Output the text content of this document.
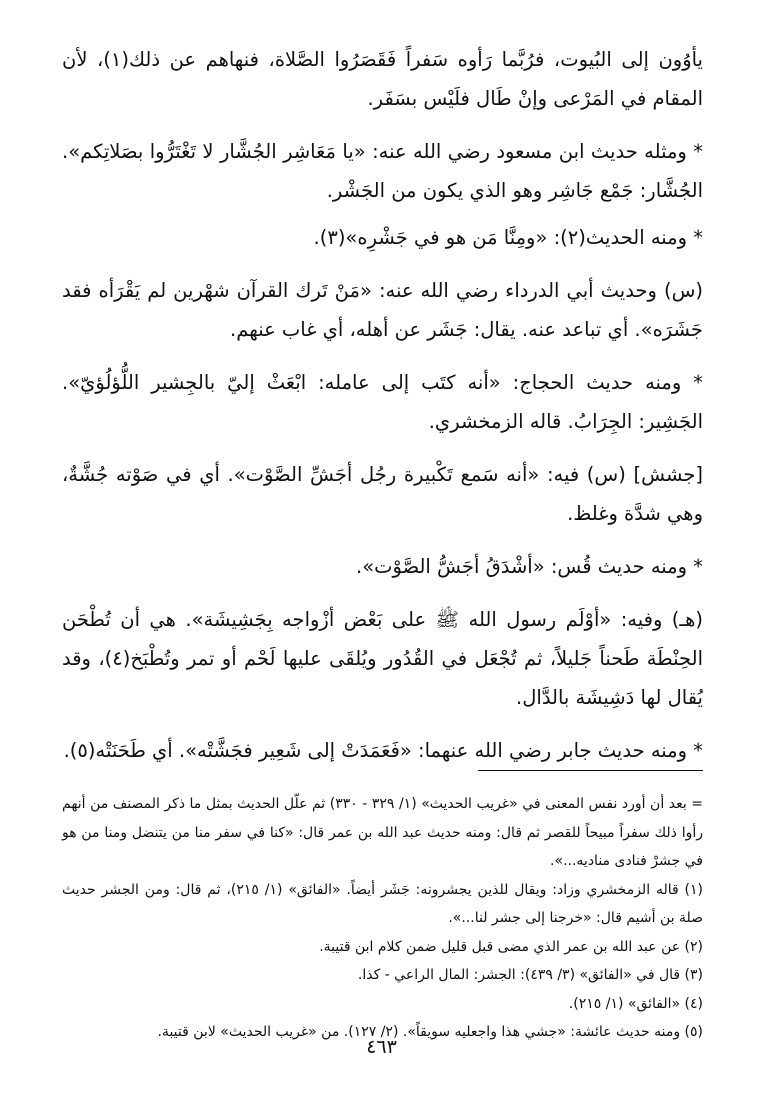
يأوُون إلى البُيوت، فرُبَّما رَأوه سَفراً فَقَصَرُوا الصَّلاة، فنهاهم عن ذلك(١)، لأن المقام في المَرْعى وإنْ طَال فلَيْس بسَفَر.

* ومثله حديث ابن مسعود رضي الله عنه: «يا مَعَاشِر الجُشَّار لا تَغْتَرُّوا بصَلاتِكم». الجُشَّار: جَمْع جَاشِر وهو الذي يكون من الجَشْر.

* ومنه الحديث(٢): «ومِنَّا مَن هو في جَشْرِه»(٣).

(س) وحديث أبي الدرداء رضي الله عنه: «مَنْ تَرك القرآن شهْرين لم يَقْرَأه فقد جَشَرَه». أي تباعد عنه. يقال: جَشَر عن أهله، أي غاب عنهم.

* ومنه حديث الحجاج: «أنه كتَب إلى عامله: ابْعَثْ إليّ بالجِشير اللُّؤلُؤيّ». الجَشِير: الجِرَابُ. قاله الزمخشري.

[جشش] (س) فيه: «أنه سَمع تَكْبيرة رجُل أجَشِّ الصَّوْت». أي في صَوْته جُشَّةٌ، وهي شدَّة وغلظ.

* ومنه حديث قُس: «أشْدَقُ أجَشُّ الصَّوْت».

(هـ) وفيه: «أوْلَم رسول الله ﷺ على بَعْض أزْواجه بِجَشِيشَة». هي أن تُطْحَن الحِنْطَة طَحناً جَليلاً، ثم تُجْعَل في القُدُور ويُلقَى عليها لَحْم أو تمر وتُطْبَخ(٤)، وقد يُقال لها دَشِيشَة بالدَّال.

* ومنه حديث جابر رضي الله عنهما: «فَعَمَدَتْ إلى شَعِير فجَشَّتْه». أي طَحَنَتْه(٥).

= بعد أن أورد نفس المعنى في «غريب الحديث» (١/ ٣٢٩ - ٣٣٠) ثم علّل الحديث بمثل ما ذكر المصنف من أنهم رأوا ذلك سفراً مبيحاً للقصر ثم قال: ومنه حديث عبد الله بن عمر قال: «كنا في سفر منا من يتنضل ومنا من هو في جشرْ فنادى مناديه...».

(١) قاله الزمخشري وزاد: ويقال للذين يجشرونه: جَشَر أيضاً. «الفائق» (١/ ٢١٥)، ثم قال: ومن الجشر حديث صلة بن أشيم قال: «خرجنا إلى جشر لنا...».

(٢) عن عبد الله بن عمر الذي مضى قبل قليل ضمن كلام ابن قتيبة.

(٣) قال في «الفائق» (٣/ ٤٣٩): الجشر: المال الراعي - كذا.

(٤) «الفائق» (١/ ٢١٥).

(٥) ومنه حديث عائشة: «جشي هذا واجعليه سويقاً». (٢/ ١٢٧). من «غريب الحديث» لابن قتيبة.

٤٦٣
